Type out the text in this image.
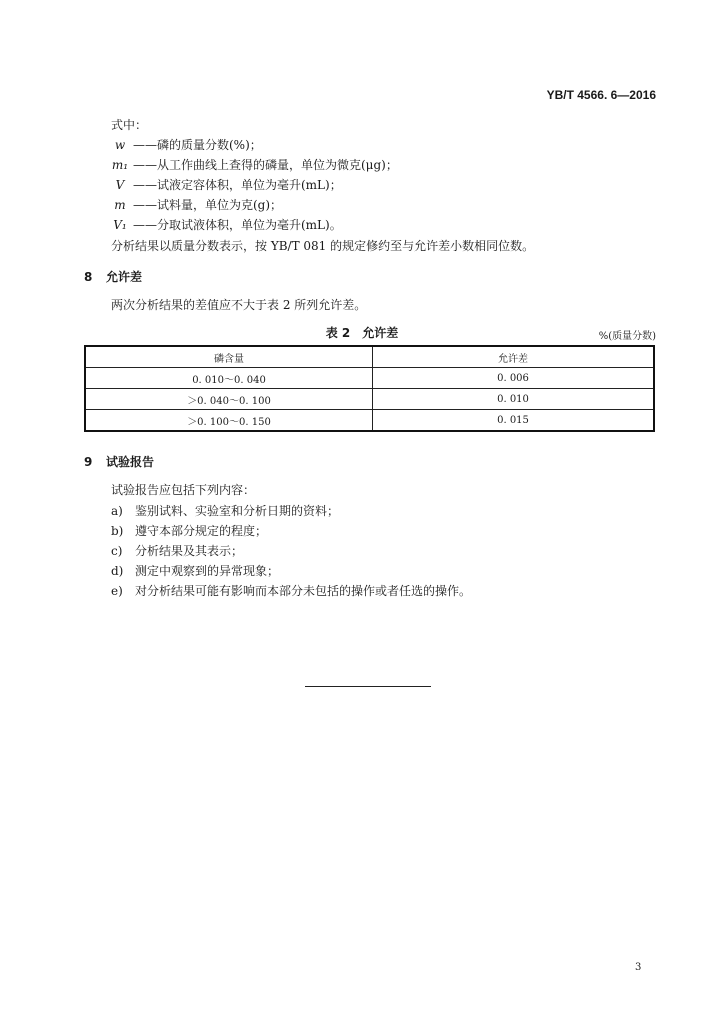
YB/T 4566. 6—2016
式中：
w ——磷的质量分数(%)；
m₁ ——从工作曲线上查得的磷量，单位为微克(μg)；
V ——试液定容体积，单位为毫升(mL)；
m ——试料量，单位为克(g)；
V₁ ——分取试液体积，单位为毫升(mL)。
分析结果以质量分数表示，按 YB/T 081 的规定修约至与允许差小数相同位数。
8 允许差
两次分析结果的差值应不大于表 2 所列允许差。
表 2　允许差	%(质量分数)
磷含量	允许差
0. 010～0. 040	0. 006
＞0. 040～0. 100	0. 010
＞0. 100～0. 150	0. 015
9 试验报告
试验报告应包括下列内容：
a) 鉴别试料、实验室和分析日期的资料；
b) 遵守本部分规定的程度；
c) 分析结果及其表示；
d) 测定中观察到的异常现象；
e) 对分析结果可能有影响而本部分未包括的操作或者任选的操作。
3
